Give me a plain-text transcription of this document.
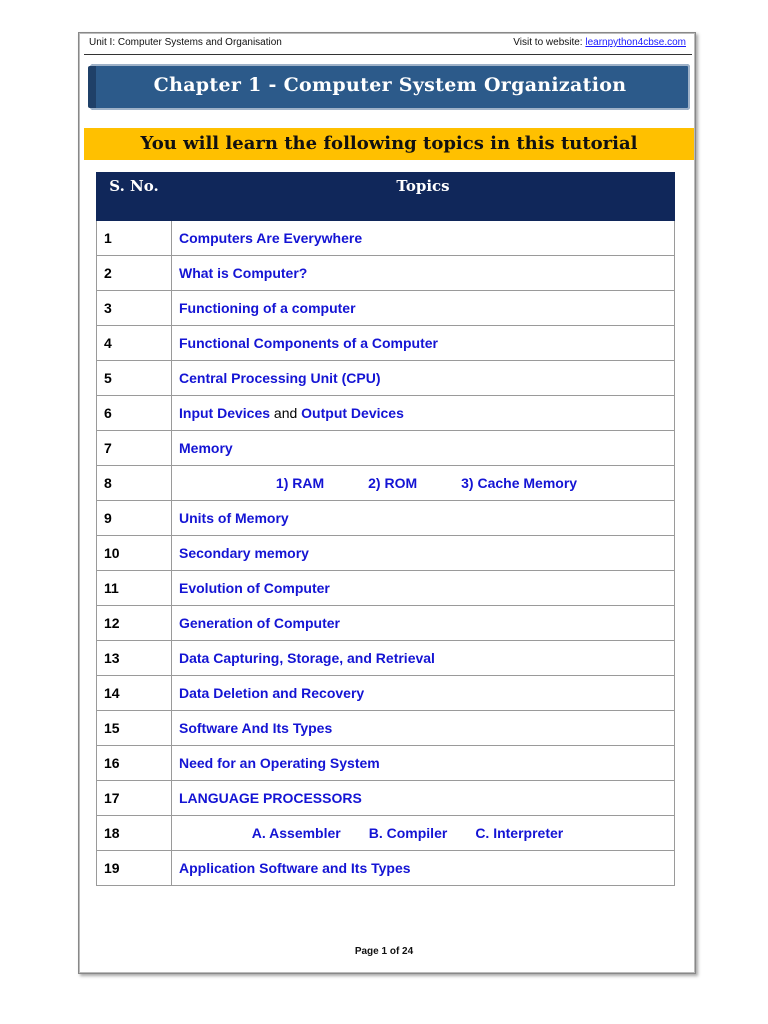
Unit I: Computer Systems and Organisation	Visit to website: learnpython4cbse.com
Chapter 1 - Computer System Organization
You will learn the following topics in this tutorial
S. No.	Topics
1	Computers Are Everywhere
2	What is Computer?
3	Functioning of a computer
4	Functional Components of a Computer
5	Central Processing Unit (CPU)
6	Input Devices and Output Devices
7	Memory
8	1) RAM 2) ROM 3) Cache Memory

9	Units of Memory
10	Secondary memory
11	Evolution of Computer
12	Generation of Computer
13	Data Capturing, Storage, and Retrieval
14	Data Deletion and Recovery
15	Software And Its Types
16	Need for an Operating System
17	LANGUAGE PROCESSORS
18	A. Assembler B. Compiler C. Interpreter

19	Application Software and Its Types
Page 1 of 24
